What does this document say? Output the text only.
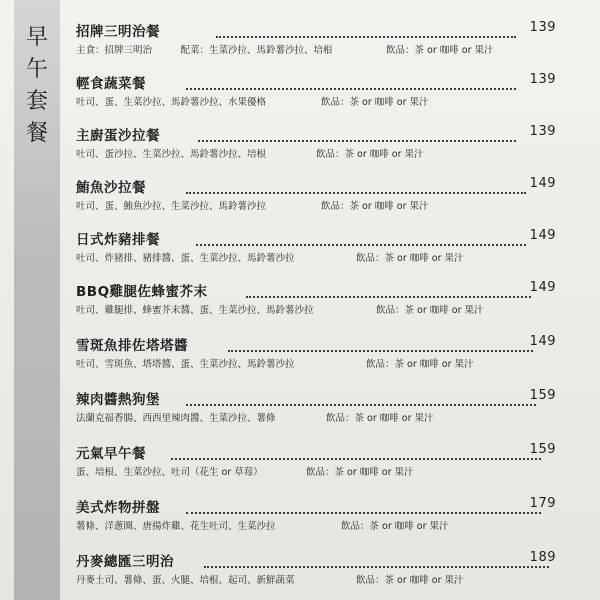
早
午
套
餐
招牌三明治餐	139
主食：招牌三明治　　　配菜：生菜沙拉、馬鈴薯沙拉、培根	飲品：茶 or 咖啡 or 果汁
輕食蔬菜餐	139
吐司、蛋、生菜沙拉、馬鈴薯沙拉、水果優格	飲品：茶 or 咖啡 or 果汁
主廚蛋沙拉餐	139
吐司、蛋沙拉、生菜沙拉、馬鈴薯沙拉、培根	飲品：茶 or 咖啡 or 果汁
鮪魚沙拉餐	149
吐司、蛋、鮪魚沙拉、生菜沙拉、馬鈴薯沙拉	飲品：茶 or 咖啡 or 果汁
日式炸豬排餐	149
吐司、炸豬排、豬排醬、蛋、生菜沙拉、馬鈴薯沙拉	飲品：茶 or 咖啡 or 果汁
BBQ雞腿佐蜂蜜芥末	149
吐司、雞腿排、蜂蜜芥末醬、蛋、生菜沙拉、馬鈴薯沙拉	飲品：茶 or 咖啡 or 果汁
雪斑魚排佐塔塔醬	149
吐司、雪斑魚、塔塔醬、蛋、生菜沙拉、馬鈴薯沙拉	飲品：茶 or 咖啡 or 果汁
辣肉醬熱狗堡	159
法蘭克福香腸、西西里辣肉醬、生菜沙拉、薯條	飲品：茶 or 咖啡 or 果汁
元氣早午餐	159
蛋、培根、生菜沙拉、吐司（花生 or 草莓）	飲品：茶 or 咖啡 or 果汁
美式炸物拼盤	179
薯條、洋蔥圈、唐揚炸雞、花生吐司、生菜沙拉	飲品：茶 or 咖啡 or 果汁
丹麥總匯三明治	189
丹麥土司、薯條、蛋、火腿、培根、起司、新鮮蔬菜	飲品：茶 or 咖啡 or 果汁
